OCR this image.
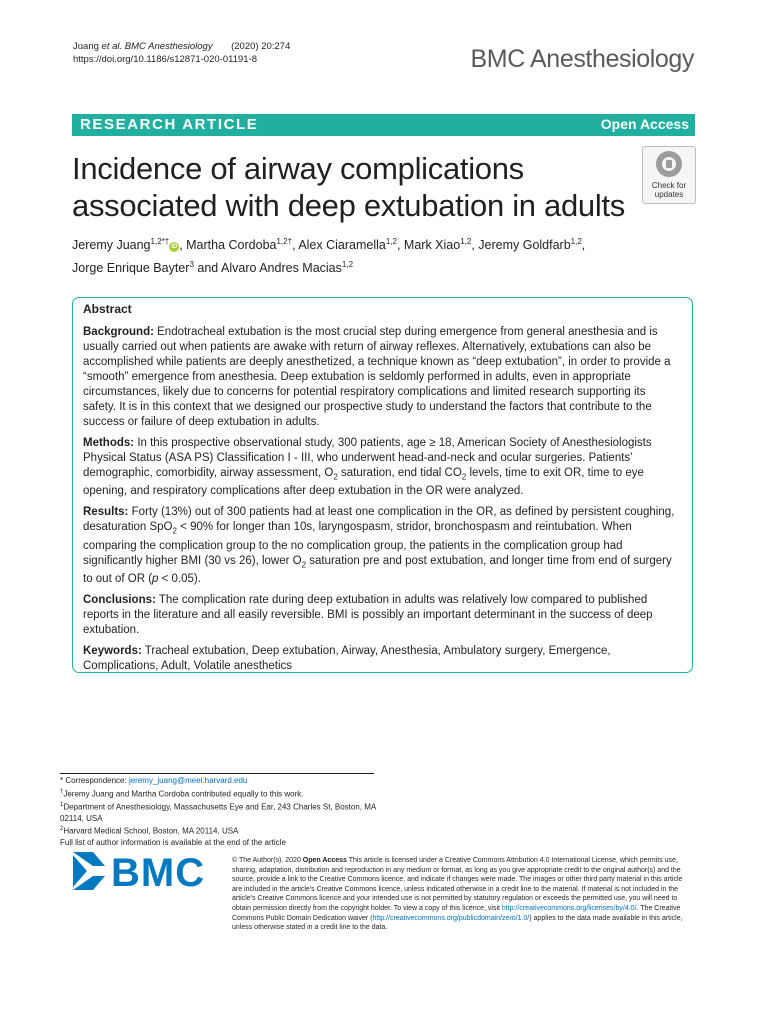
Juang et al. BMC Anesthesiology (2020) 20:274
https://doi.org/10.1186/s12871-020-01191-8	BMC Anesthesiology
RESEARCH ARTICLE	Open Access
Incidence of airway complications associated with deep extubation in adults
Check for
updates
Jeremy Juang$^{1,2*\dagger}$iD , Martha Cordoba$^{1,2\dagger}$, Alex Ciaramella$^{1,2}$, Mark Xiao$^{1,2}$, Jeremy Goldfarb$^{1,2}$,
Jorge Enrique Bayter$^3$ and Alvaro Andres Macias$^{1,2}$
Abstract

Background: Endotracheal extubation is the most crucial step during emergence from general anesthesia and is usually carried out when patients are awake with return of airway reflexes. Alternatively, extubations can also be accomplished while patients are deeply anesthetized, a technique known as “deep extubation”, in order to provide a “smooth” emergence from anesthesia. Deep extubation is seldomly performed in adults, even in appropriate circumstances, likely due to concerns for potential respiratory complications and limited research supporting its safety. It is in this context that we designed our prospective study to understand the factors that contribute to the success or failure of deep extubation in adults.

Methods: In this prospective observational study, 300 patients, age ≥ 18, American Society of Anesthesiologists Physical Status (ASA PS) Classification I - III, who underwent head-and-neck and ocular surgeries. Patients’ demographic, comorbidity, airway assessment, $O_2$ saturation, end tidal $CO_2$ levels, time to exit OR, time to eye opening, and respiratory complications after deep extubation in the OR were analyzed.

Results: Forty (13%) out of 300 patients had at least one complication in the OR, as defined by persistent coughing, desaturation SpO$_2$ < 90% for longer than 10s, laryngospasm, stridor, bronchospasm and reintubation. When comparing the complication group to the no complication group, the patients in the complication group had significantly higher BMI (30 vs 26), lower $O_2$ saturation pre and post extubation, and longer time from end of surgery to out of OR (p < 0.05).

Conclusions: The complication rate during deep extubation in adults was relatively low compared to published reports in the literature and all easily reversible. BMI is possibly an important determinant in the success of deep extubation.

Keywords: Tracheal extubation, Deep extubation, Airway, Anesthesia, Ambulatory surgery, Emergence, Complications, Adult, Volatile anesthetics

* Correspondence: jeremy_juang@meei.harvard.edu
†Jeremy Juang and Martha Cordoba contributed equally to this work.
$^1$Department of Anesthesiology, Massachusetts Eye and Ear, 243 Charles St, Boston, MA 02114, USA
$^2$Harvard Medical School, Boston, MA 20114, USA
Full list of author information is available at the end of the article
BMC	© The Author(s). 2020 Open Access This article is licensed under a Creative Commons Attribution 4.0 International License, which permits use, sharing, adaptation, distribution and reproduction in any medium or format, as long as you give appropriate credit to the original author(s) and the source, provide a link to the Creative Commons licence, and indicate if changes were made. The images or other third party material in this article are included in the article's Creative Commons licence, unless indicated otherwise in a credit line to the material. If material is not included in the article's Creative Commons licence and your intended use is not permitted by statutory regulation or exceeds the permitted use, you will need to obtain permission directly from the copyright holder. To view a copy of this licence, visit http://creativecommons.org/licenses/by/4.0/. The Creative Commons Public Domain Dedication waiver (http://creativecommons.org/publicdomain/zero/1.0/) applies to the data made available in this article, unless otherwise stated in a credit line to the data.
